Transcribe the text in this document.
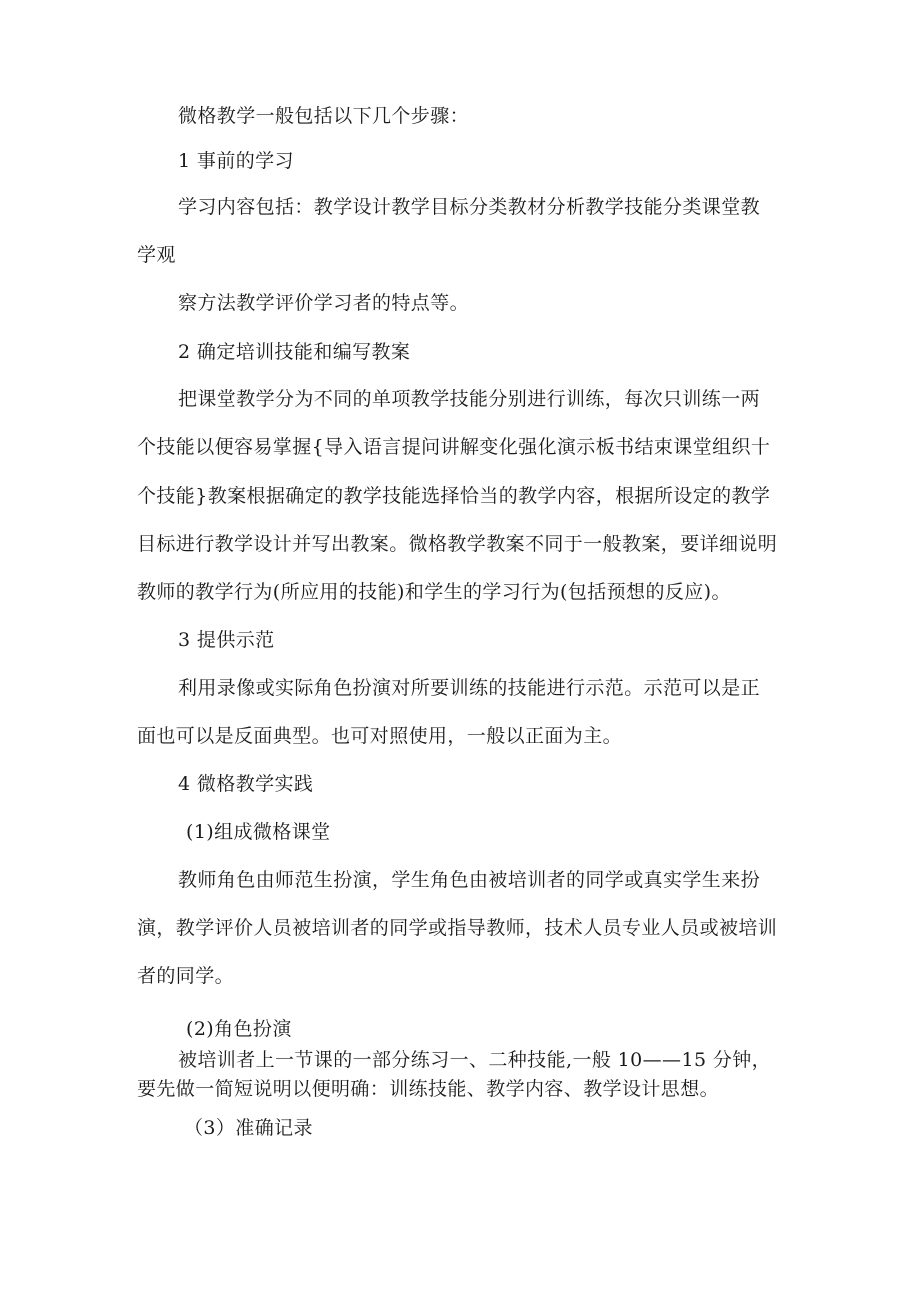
微格教学一般包括以下几个步骤：
1 事前的学习
学习内容包括：教学设计教学目标分类教材分析教学技能分类课堂教
学观
察方法教学评价学习者的特点等。
2 确定培训技能和编写教案
把课堂教学分为不同的单项教学技能分别进行训练，每次只训练一两
个技能以便容易掌握{导入语言提问讲解变化强化演示板书结束课堂组织十
个技能}教案根据确定的教学技能选择恰当的教学内容，根据所设定的教学
目标进行教学设计并写出教案。微格教学教案不同于一般教案，要详细说明
教师的教学行为(所应用的技能)和学生的学习行为(包括预想的反应)。
3 提供示范
利用录像或实际角色扮演对所要训练的技能进行示范。示范可以是正
面也可以是反面典型。也可对照使用，一般以正面为主。
4 微格教学实践
(1)组成微格课堂
教师角色由师范生扮演，学生角色由被培训者的同学或真实学生来扮
演，教学评价人员被培训者的同学或指导教师，技术人员专业人员或被培训
者的同学。
(2)角色扮演
被培训者上一节课的一部分练习一、二种技能,一般 10——15 分钟，
要先做一简短说明以便明确：训练技能、教学内容、教学设计思想。
（3）准确记录
